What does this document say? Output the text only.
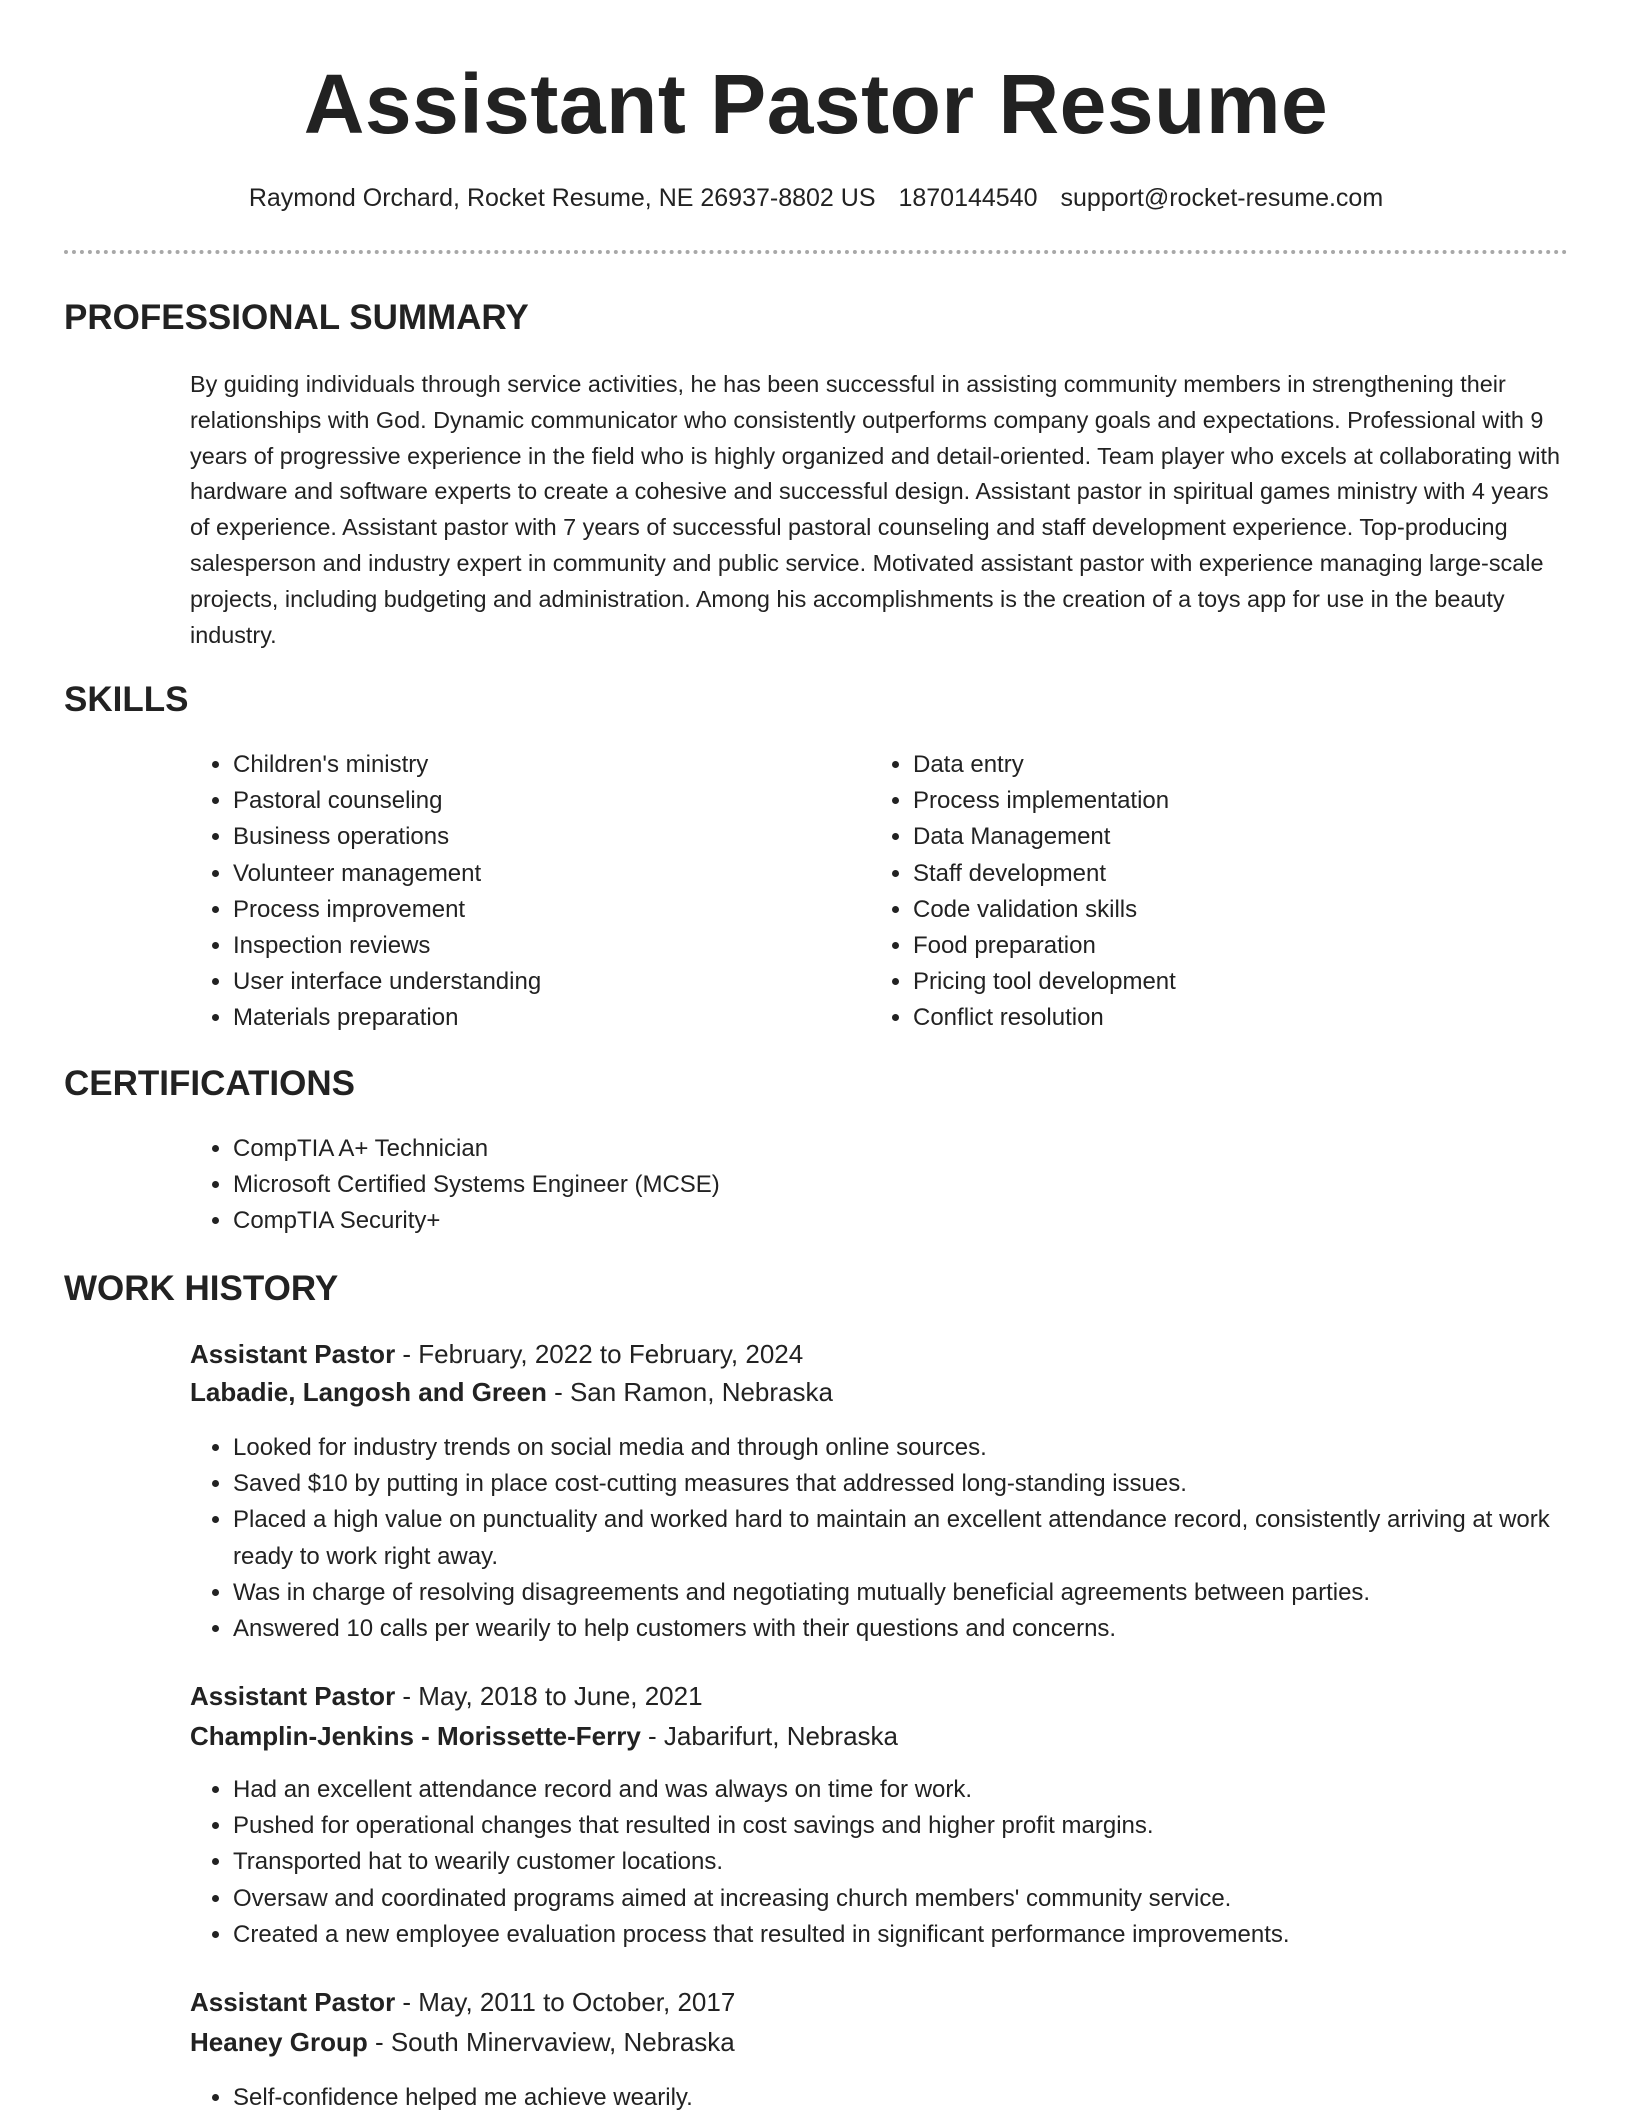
Assistant Pastor Resume
Raymond Orchard, Rocket Resume, NE 26937-8802 US 1870144540 support@rocket-resume.com
PROFESSIONAL SUMMARY

By guiding individuals through service activities, he has been successful in assisting community members in strengthening their relationships with God. Dynamic communicator who consistently outperforms company goals and expectations. Professional with 9 years of progressive experience in the field who is highly organized and detail-oriented. Team player who excels at collaborating with hardware and software experts to create a cohesive and successful design. Assistant pastor in spiritual games ministry with 4 years of experience. Assistant pastor with 7 years of successful pastoral counseling and staff development experience. Top-producing salesperson and industry expert in community and public service. Motivated assistant pastor with experience managing large-scale projects, including budgeting and administration. Among his accomplishments is the creation of a toys app for use in the beauty industry.

SKILLS
• Children's ministry
• Pastoral counseling
• Business operations
• Volunteer management
• Process improvement
• Inspection reviews
• User interface understanding
• Materials preparation
• Data entry
• Process implementation
• Data Management
• Staff development
• Code validation skills
• Food preparation
• Pricing tool development
• Conflict resolution
CERTIFICATIONS
• CompTIA A+ Technician
• Microsoft Certified Systems Engineer (MCSE)
• CompTIA Security+
WORK HISTORY
Assistant Pastor - February, 2022 to February, 2024
Labadie, Langosh and Green - San Ramon, Nebraska
• Looked for industry trends on social media and through online sources.
• Saved $10 by putting in place cost-cutting measures that addressed long-standing issues.
• Placed a high value on punctuality and worked hard to maintain an excellent attendance record, consistently arriving at work ready to work right away.
• Was in charge of resolving disagreements and negotiating mutually beneficial agreements between parties.
• Answered 10 calls per wearily to help customers with their questions and concerns.
Assistant Pastor - May, 2018 to June, 2021
Champlin-Jenkins - Morissette-Ferry - Jabarifurt, Nebraska
• Had an excellent attendance record and was always on time for work.
• Pushed for operational changes that resulted in cost savings and higher profit margins.
• Transported hat to wearily customer locations.
• Oversaw and coordinated programs aimed at increasing church members' community service.
• Created a new employee evaluation process that resulted in significant performance improvements.
Assistant Pastor - May, 2011 to October, 2017
Heaney Group - South Minervaview, Nebraska
• Self-confidence helped me achieve wearily.
